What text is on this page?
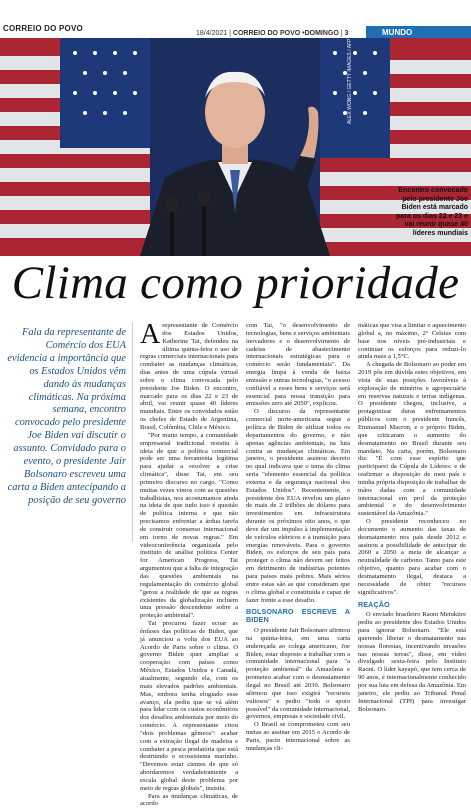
CORREIO DO POVO
18/4/2021 | CORREIO DO POVO •DOMINGO | 3	MUNDO
ALEX WONG / GETTY IMAGES / AFP
Encontro convocado pelo presidente Joe Biden está marcado para os dias 22 e 23 e vai reunir quase 40 líderes mundiais
Clima como prioridade
Fala da representante de Comércio dos EUA evidencia a importância que os Estados Unidos vêm dando às mudanças climáticas. Na próxima semana, encontro convocado pelo presidente Joe Biden vai discutir o assunto. Convidado para o evento, o presidente Jair Bolsonaro escreveu uma carta a Biden antecipando a posição de seu governo

Arepresentante de Comércio dos Estados Unidos, Katherine Tai, defendeu na última quinta-feira o uso de regras comerciais internacionais para combater as mudanças climáticas, dias antes de uma cúpula virtual sobre o clima convocada pelo presidente Joe Biden. O encontro, marcado para os dias 22 e 23 de abril, vai reunir quase 40 líderes mundiais. Entre os convidados estão os chefes de Estado de Argentina, Brasil, Colômbia, Chile e México.

"Por muito tempo, a comunidade empresarial tradicional resistiu à ideia de que a política comercial pode ser uma ferramenta legítima para ajudar a resolver a crise climática", disse Tai, em seu primeiro discurso no cargo. "Como muitas vezes vimos com as questões trabalhistas, nos acostumamos ainda na ideia de que tudo isso é questão de política interna e que não precisamos enfrentar a árdua tarefa de construir consenso internacional em torno de novas regras." Em videoconferência organizada pelo instituto de análise política Center for American Progress, Tai argumentou que a falta de integração das questões ambientais na regulamentação do comércio global "gerou a realidade de que as regras existentes da globalização incluem uma pressão descendente sobre a proteção ambiental".

Tai procurou fazer ecoar as ênfases das políticas de Biden, que já anunciou a volta dos EUA ao Acordo de Paris sobre o clima. O governo Biden quer ampliar a cooperação com países como México, Estados Unidos e Canadá, atualmente, segundo ela, com os mais elevados padrões ambientais. Mas, embora tenha elogiado esse avanço, ela pediu que se vá além para lidar com os custos econômicos dos desafios ambientais por meio do comércio. A representante citou "dois problemas gêmeos": acabar com a extração ilegal de madeira e combater a pesca predatória que está destruindo o ecossistema marinho. "Devemos estar cientes de que só abordaremos verdadeiramente a escala global deste problema por meio de regras globais", insistiu.

Para as mudanças climáticas, de acordo

com Tai, "o desenvolvimento de tecnologias, bens e serviços ambientais inovadores e o desenvolvimento de cadeias de abastecimento internacionais estratégicas para o comércio serão fundamentais". Da energia limpa à venda de baixa emissão e outras tecnologias, "o acesso confiável a esses bens e serviços será essencial para nossa transição para emissões zero até 2050", explicou.

O discurso da representante comercial norte-americana segue a política de Biden de utilizar todos os departamentos do governo, e não apenas agências ambientais, na luta contra as mudanças climáticas. Em janeiro, o presidente assinou decreto no qual indicava que o tema do clima seria "elemento essencial da política externa e da segurança nacional dos Estados Unidos". Recentemente, o presidente dos EUA revelou um plano de mais de 2 trilhões de dólares para investimentos em infraestrutura durante os próximos oito anos, o que deve dar um impulso à implementação de veículos elétricos e à transição para energias renováveis. Para o governo Biden, os esforços de seu país para proteger o clima não devem ser feitos em detrimento de indústrias potentes para países mais pobres. Mais sérios entre estas são as que consideram que o clima global e constituída e capaz de fazer frente a esse desafio.

BOLSONARO ESCREVE A BIDEN

O presidente Jair Bolsonaro afirmou na quinta-feira, em uma carta endereçada ao colega americano, Joe Biden, estar disposto a trabalhar com a comunidade internacional para "a proteção ambiental" da Amazônia e prometeu acabar com o desmatamento ilegal no Brasil até 2030. Bolsonaro afirmou que isso exigirá "recursos vultosos" e pediu "todo o apoio possível" da comunidade internacional, governos, empresas e sociedade civil.

O Brasil se comprometeu com seu metas ao assinar em 2015 o Acordo de Paris, pacto internacional sobre as mudanças cli-

máticas que visa a limitar o aquecimento global a, no máximo, 2° Celsius com base nos níveis pré-industriais e continuar os esforços para reduzi-lo ainda mais a 1,5°C.

A chegada de Bolsonaro ao poder em 2019 pôs em dúvida estes objetivos, em vista de suas posições favoráveis à exploração de minérios e agropecuária em reservas naturais e terras indígenas. O presidente chegou, inclusive, a protagonizar duras enfrentamentos públicos com o presidente francês, Emmanuel Macron, e o próprio Biden, que criticaram o aumento do desmatamento no Brasil durante seu mandato. Na carta, porém, Bolsonaro diz: "É com esse espírito que participarei da Cúpula de Líderes: e de reafirmar a disposição de meu país e minha própria disposição de trabalhar de mãos dadas com a comunidade internacional em prol da proteção ambiental e do desenvolvimento sustentável da Amazônia."

O presidente reconheceu no documento o aumento das taxas de desmatamento nos pais desde 2012 e assinou a possibilidade de antecipar de 2060 a 2050 a meta de alcançar a neutralidade de carbono. Tanto para este objetivo, quanto para acabar com o desmatamento ilegal, destaca a necessidade de obter "recursos significativos".

REAÇÃO

O enviado brasileiro Raoni Metuktire pediu ao presidente dos Estados Unidos para ignorar Bolsonaro. "Ele está querendo liberar o desmatamento nas nossas florestas, incentivando invasões nas nossas terras", disse, em vídeo divulgado sexta-feira pelo Instituto Raoni. O líder kayapó, que tem cerca de 90 anos, é internacionalmente conhecido por sua luta em defesa da Amazônia. Em janeiro, ele pediu ao Tribunal Penal Internacional (TPI) para investigar Bolsonaro.
